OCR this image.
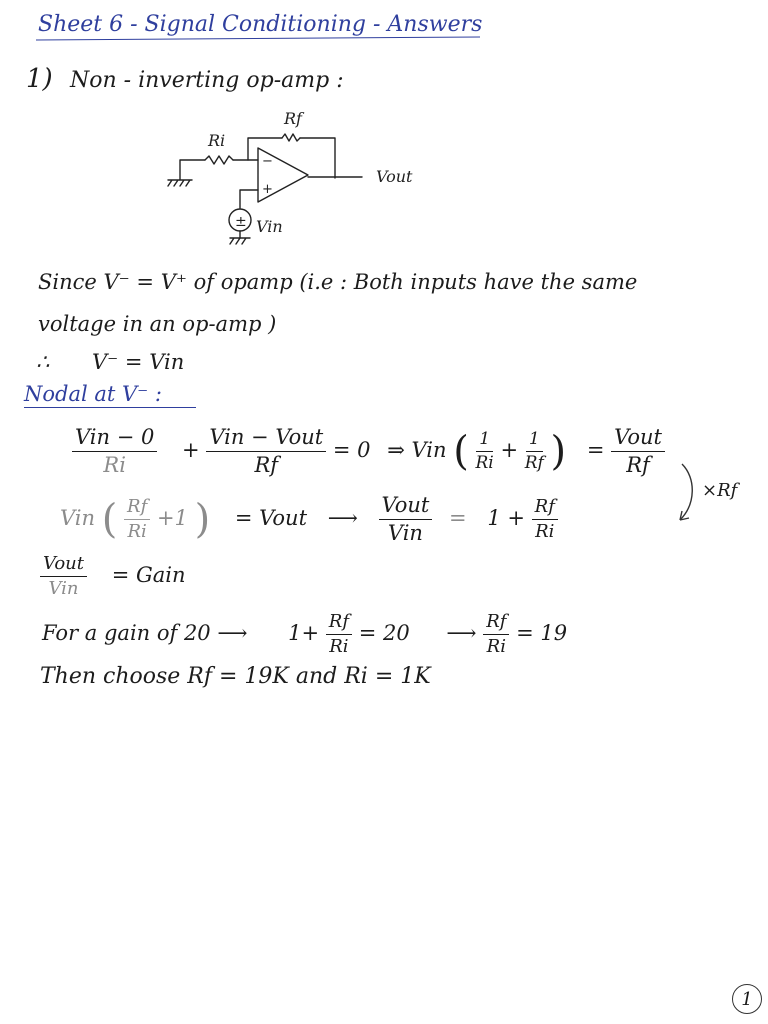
Sheet 6 - Signal Conditioning - Answers
1) Non - inverting op-amp :
−
+
±
Rf
Ri
Vout
Vin
Since V⁻ = V⁺ of opamp (i.e : Both inputs have the same
voltage in an op-amp )
∴ V⁻ = Vin
Nodal at V⁻ :
$\frac{\text{Vin − 0}}{Ri} + \frac{\text{Vin − Vout}}{Rf} = 0$ ⇒ Vin ( $\frac{1}{Ri} + \frac{1}{Rf}$ ) = $\frac{\text{Vout}}{Rf}$
×Rf
Vin ( $\frac{Rf}{Ri} +1$ ) = Vout ⟶ $\frac{\text{Vout}}{\text{Vin}} = 1 + \frac{Rf}{Ri}$
$\frac{\text{Vout}}{\text{Vin}}$ = Gain
For a gain of 20 ⟶ $1+ \frac{Rf}{Ri} = 20$ ⟶ $\frac{Rf}{Ri} = 19$
Then choose Rf = 19K and Ri = 1K
1
